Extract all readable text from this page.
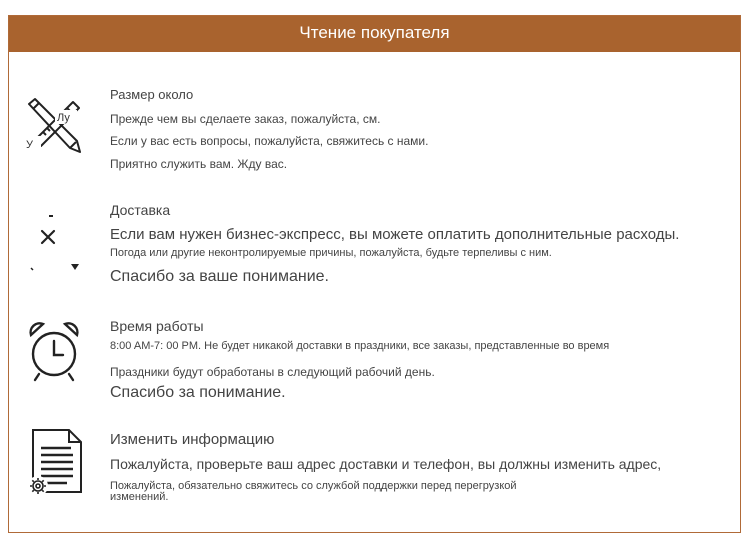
Чтение покупателя
Лу
У
Размер около
Прежде чем вы сделаете заказ, пожалуйста, см.
Если у вас есть вопросы, пожалуйста, свяжитесь с нами.
Приятно служить вам. Жду вас.
Доставка
Если вам нужен бизнес-экспресс, вы можете оплатить дополнительные расходы.
Погода или другие неконтролируемые причины, пожалуйста, будьте терпеливы с ним.
Спасибо за ваше понимание.
Время работы
8:00 AM-7: 00 PM. Не будет никакой доставки в праздники, все заказы, представленные во время
Праздники будут обработаны в следующий рабочий день.
Спасибо за понимание.
Изменить информацию
Пожалуйста, проверьте ваш адрес доставки и телефон, вы должны изменить адрес,
Пожалуйста, обязательно свяжитесь со службой поддержки перед перегрузкой
изменений.
